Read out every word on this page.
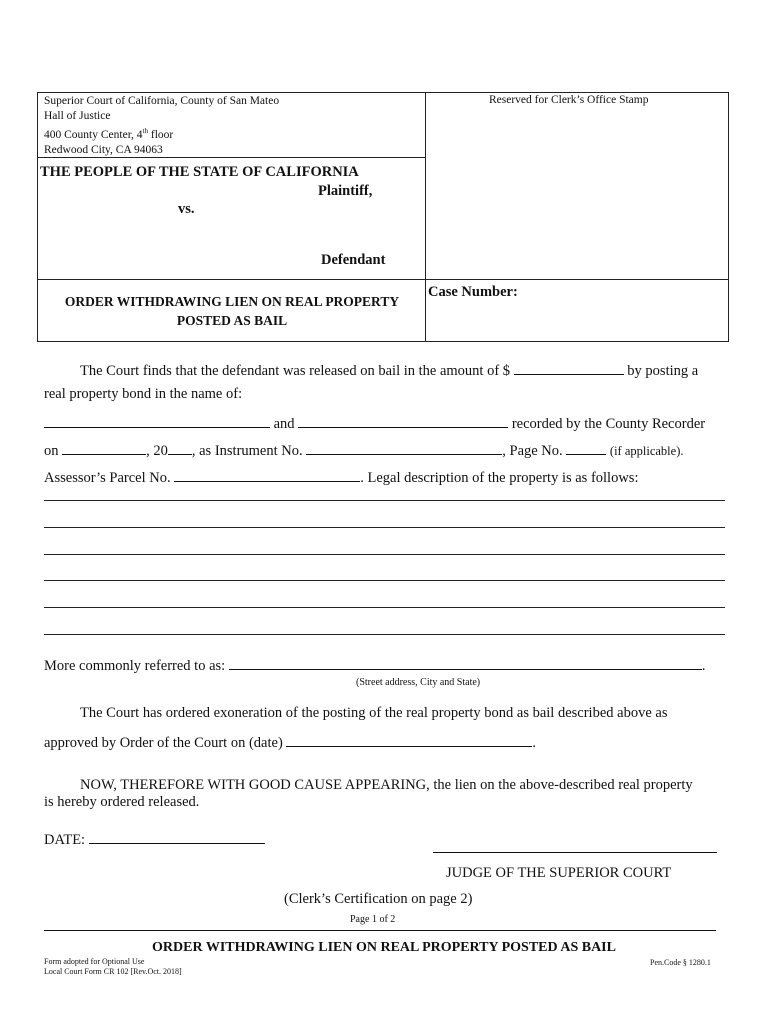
Superior Court of California, County of San Mateo
Hall of Justice
400 County Center, 4th floor
Redwood City, CA 94063
Reserved for Clerk’s Office Stamp
THE PEOPLE OF THE STATE OF CALIFORNIA
Plaintiff,
vs.
Defendant
ORDER WITHDRAWING LIEN ON REAL PROPERTY
POSTED AS BAIL
Case Number:
The Court finds that the defendant was released on bail in the amount of $	by posting a
real property bond in the name of:
and	recorded by the County Recorder
on	, 20 , as Instrument No.	, Page No.	(if applicable).
Assessor’s Parcel No.	. Legal description of the property is as follows:
More commonly referred to as:	.
(Street address, City and State)
The Court has ordered exoneration of the posting of the real property bond as bail described above as
approved by Order of the Court on (date)	.
NOW, THEREFORE WITH GOOD CAUSE APPEARING, the lien on the above-described real property
is hereby ordered released.
DATE:
JUDGE OF THE SUPERIOR COURT
(Clerk’s Certification on page 2)
Page 1 of 2
ORDER WITHDRAWING LIEN ON REAL PROPERTY POSTED AS BAIL
Form adopted for Optional Use
Local Court Form CR 102 [Rev.Oct. 2018]
Pen.Code § 1280.1
